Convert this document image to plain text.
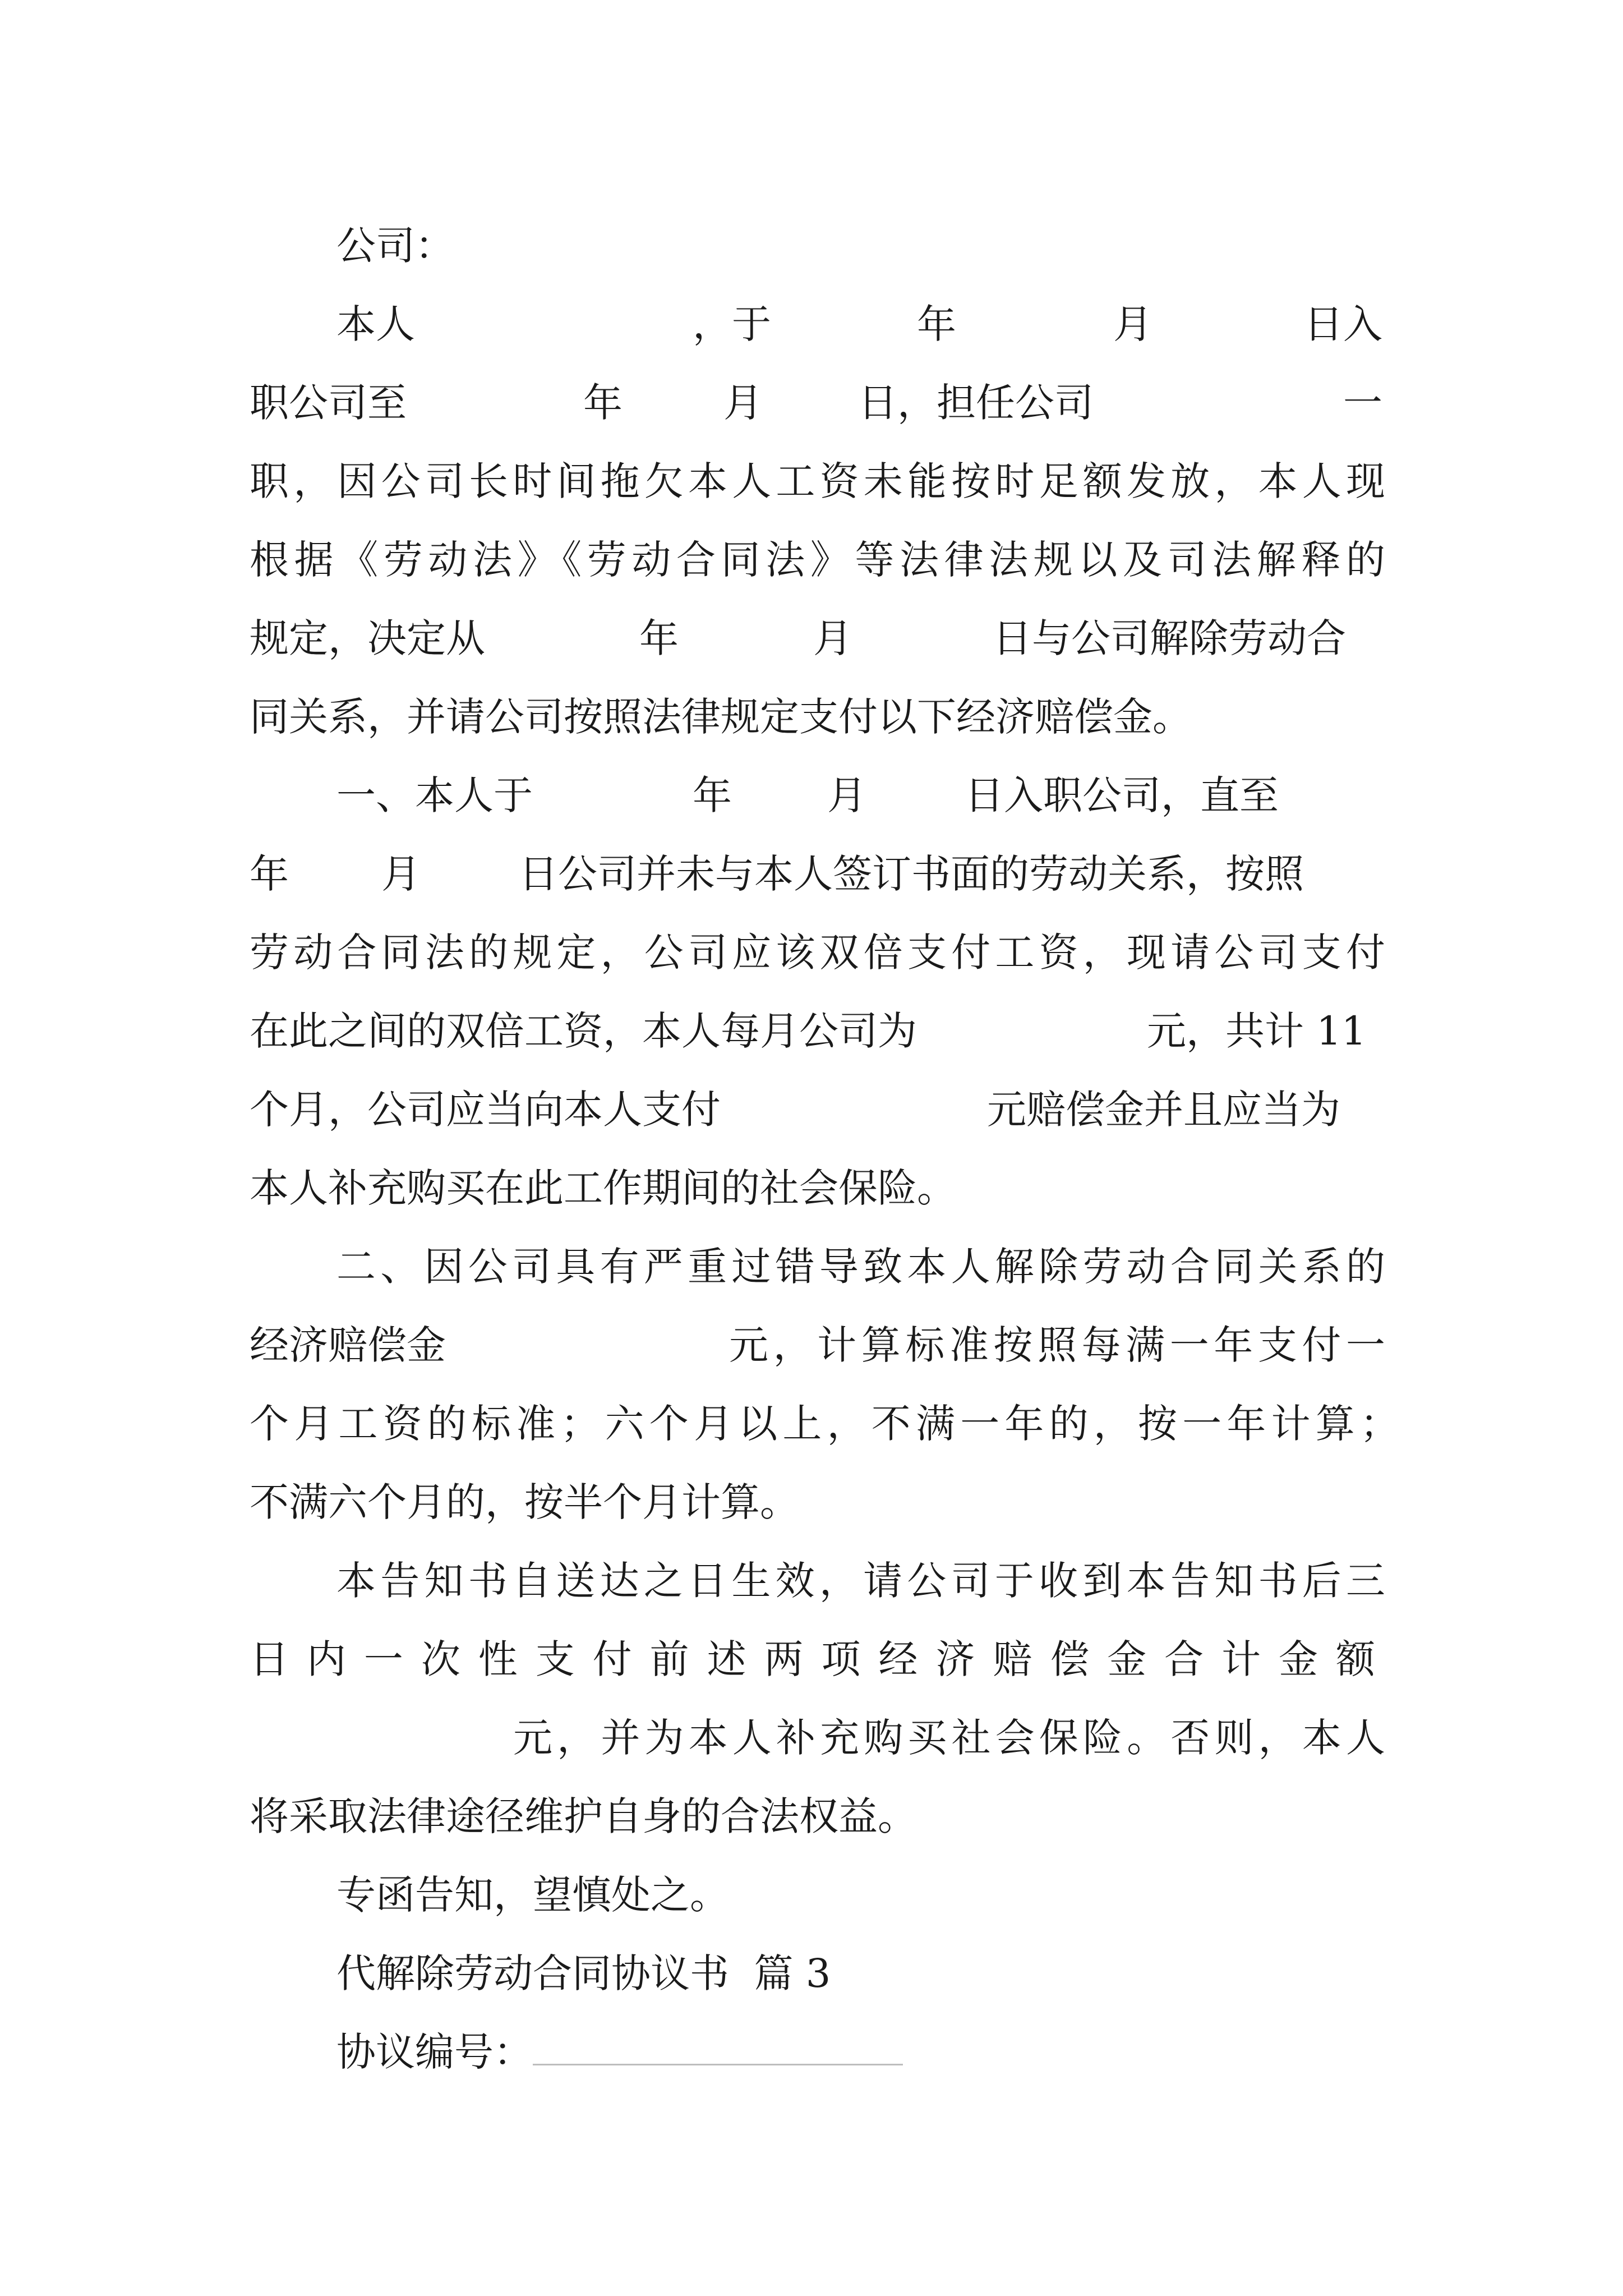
公司：
本人	，于	年	月	日入
职公司至	年	月 日，担任公司	一
职，因公司长时间拖欠本人工资未能按时足额发放，本人现
根据《劳动法》《劳动合同法》等法律法规以及司法解释的
规定，决定从	年	月	日与公司解除劳动合
同关系，并请公司按照法律规定支付以下经济赔偿金。
一、本人于	年 月	日入职公司，直至
年 月	日公司并未与本人签订书面的劳动关系，按照
劳动合同法的规定，公司应该双倍支付工资，现请公司支付
在此之间的双倍工资，本人每月公司为	元，共计 11
个月，公司应当向本人支付	元赔偿金并且应当为
本人补充购买在此工作期间的社会保险。
二、因公司具有严重过错导致本人解除劳动合同关系的
经济赔偿金	元，计算标准按照每满一年支付一
个月工资的标准；六个月以上，不满一年的，按一年计算；
不满六个月的，按半个月计算。
本告知书自送达之日生效，请公司于收到本告知书后三
日内一次性支付前述两项经济赔偿金合计金额
元，并为本人补充购买社会保险。否则，本人
将采取法律途径维护自身的合法权益。
专函告知，望慎处之。
代解除劳动合同协议书  篇 3
协议编号：
